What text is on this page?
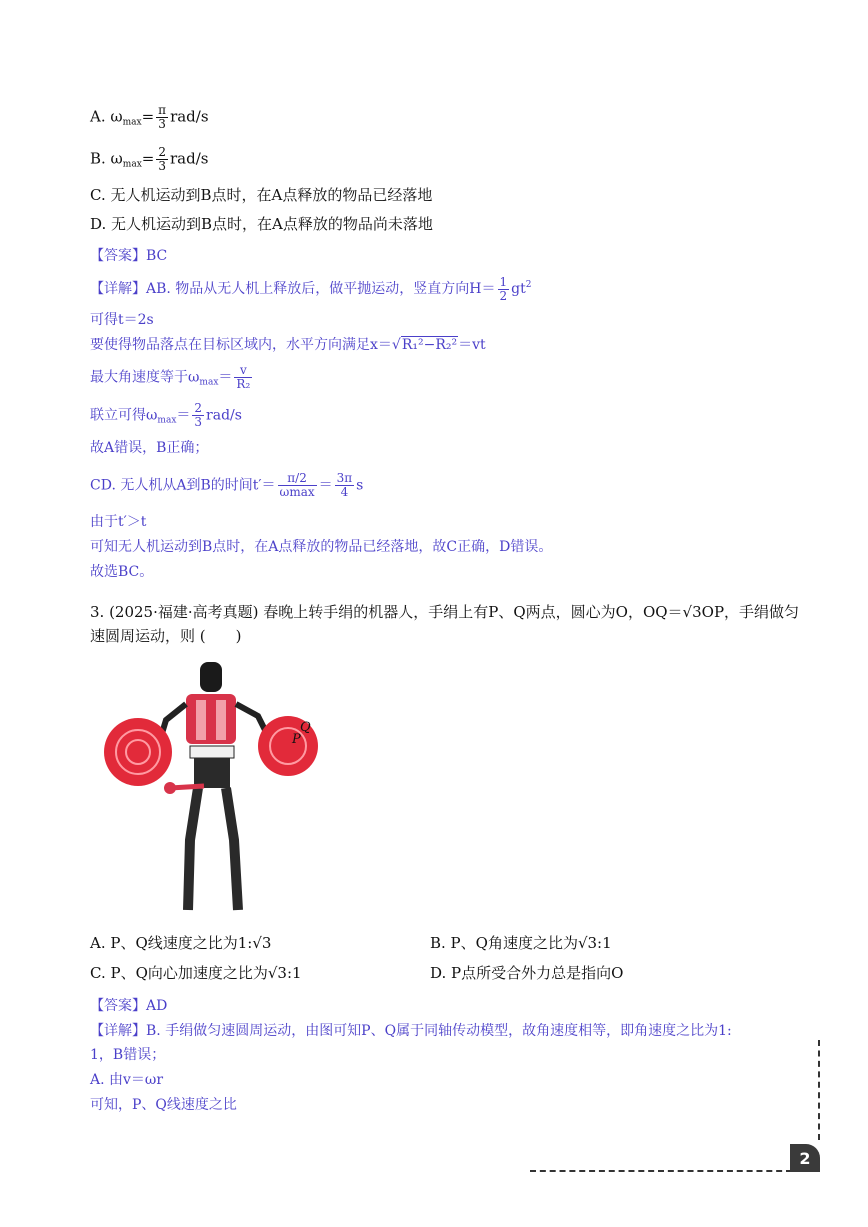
A. $\omega_{max}= \frac{\pi}{3} rad/s$
B. $\omega_{max}= \frac{2}{3} rad/s$
C. 无人机运动到B点时，在A点释放的物品已经落地
D. 无人机运动到B点时，在A点释放的物品尚未落地
【答案】BC
【详解】AB. 物品从无人机上释放后，做平抛运动，竖直方向$H= \frac{1}{2} gt^2$
可得t＝2s
要使得物品落点在目标区域内，水平方向满足x＝√R₁²−R₂²＝vt
最大角速度等于$\omega_{max}= \frac{v}{\text{R₂}}$
联立可得$\omega_{max}= \frac{2}{3} rad/s$
故A错误，B正确；
CD. 无人机从A到B的时间$t'= \frac{\pi/2}{\omega\max} = \frac{3\pi}{4}$ s
由于t′＞t
可知无人机运动到B点时，在A点释放的物品已经落地，故C正确，D错误。
故选BC。
3. (2025·福建·高考真题) 春晚上转手绢的机器人，手绢上有P、Q两点，圆心为O，OQ＝√3OP，手绢做匀速圆周运动，则 (　　)
P
Q
A. P、Q线速度之比为1:√3	B. P、Q角速度之比为√3:1
C. P、Q向心加速度之比为√3:1	D. P点所受合外力总是指向O
【答案】AD
【详解】B. 手绢做匀速圆周运动，由图可知P、Q属于同轴传动模型，故角速度相等，即角速度之比为1:
1，B错误；
A. 由v＝ωr
可知，P、Q线速度之比
2
